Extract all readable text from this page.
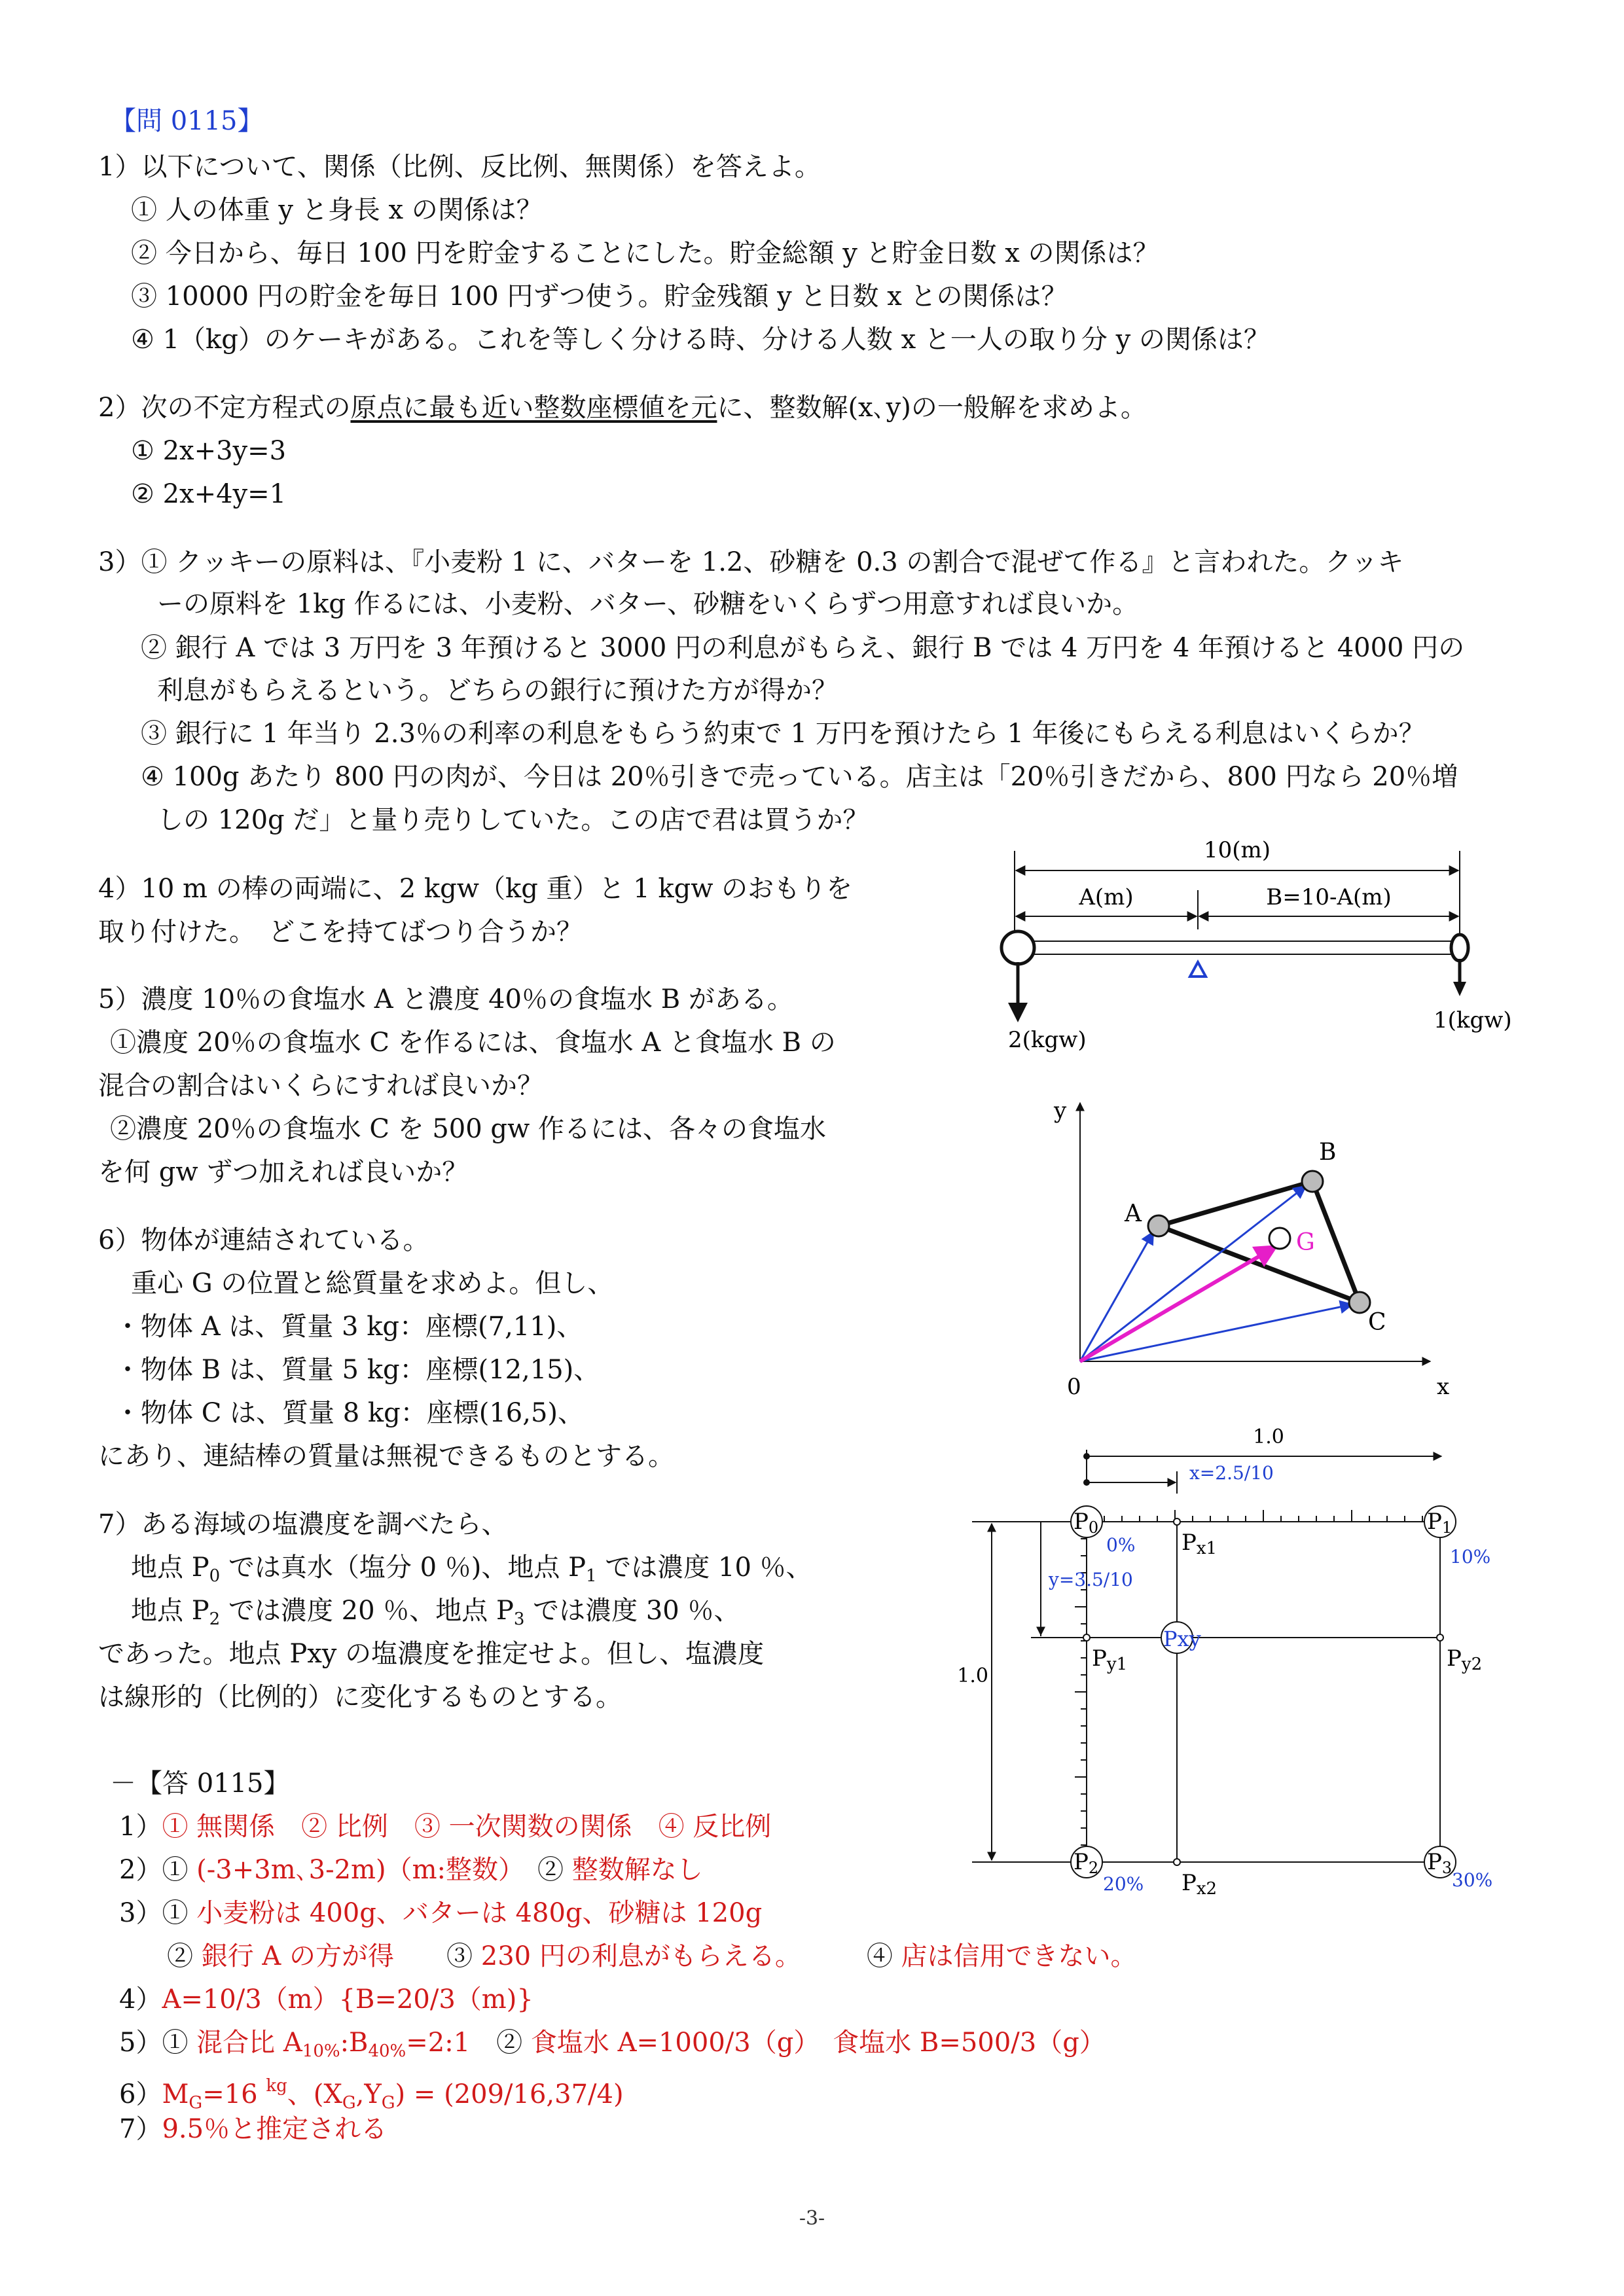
【問 0115】
1）以下について、関係（比例、反比例、無関係）を答えよ。
① 人の体重 y と身長 x の関係は？
② 今日から、毎日 100 円を貯金することにした。貯金総額 y と貯金日数 x の関係は？
③ 10000 円の貯金を毎日 100 円ずつ使う。貯金残額 y と日数 x との関係は？
④ 1（kg）のケーキがある。これを等しく分ける時、分ける人数 x と一人の取り分 y の関係は？
2）次の不定方程式の原点に最も近い整数座標値を元に、整数解(x､y)の一般解を求めよ。
① 2x+3y=3
② 2x+4y=1
3）① クッキーの原料は、『小麦粉 1 に、バターを 1.2、砂糖を 0.3 の割合で混ぜて作る』と言われた。クッキ
ーの原料を 1kg 作るには、小麦粉、バター、砂糖をいくらずつ用意すれば良いか。
② 銀行 A では 3 万円を 3 年預けると 3000 円の利息がもらえ、銀行 B では 4 万円を 4 年預けると 4000 円の
利息がもらえるという。どちらの銀行に預けた方が得か？
③ 銀行に 1 年当り 2.3％の利率の利息をもらう約束で 1 万円を預けたら 1 年後にもらえる利息はいくらか？
④ 100g あたり 800 円の肉が、今日は 20％引きで売っている。店主は「20％引きだから、800 円なら 20％増
しの 120g だ」と量り売りしていた。この店で君は買うか？
4）10 m の棒の両端に、2 kgw（kg 重）と 1 kgw のおもりを
取り付けた。　どこを持てばつり合うか？
5）濃度 10％の食塩水 A と濃度 40％の食塩水 B がある。
①濃度 20％の食塩水 C を作るには、食塩水 A と食塩水 B の
混合の割合はいくらにすれば良いか？
②濃度 20％の食塩水 C を 500 gw 作るには、各々の食塩水
を何 gw ずつ加えれば良いか？
6）物体が連結されている。
重心 G の位置と総質量を求めよ。但し、
・物体 A は、質量 3 kg：座標(7,11)、
・物体 B は、質量 5 kg：座標(12,15)、
・物体 C は、質量 8 kg：座標(16,5)、
にあり、連結棒の質量は無視できるものとする。
7）ある海域の塩濃度を調べたら、
地点 $P_0$ では真水（塩分 0 ％)、地点 $P_1$ では濃度 10 ％、
地点 $P_2$ では濃度 20 ％、地点 $P_3$ では濃度 30 ％、
であった。地点 Pxy の塩濃度を推定せよ。但し、塩濃度
は線形的（比例的）に変化するものとする。
－【答 0115】
1）① 無関係　② 比例　③ 一次関数の関係　④ 反比例
2）① (-3+3m､3-2m)（m:整数）　② 整数解なし
3）① 小麦粉は 400g、バターは 480g、砂糖は 120g
② 銀行 A の方が得　　③ 230 円の利息がもらえる。　　　④ 店は信用できない。
4）A=10/3（m）{B=20/3（m)}
5）① 混合比 $A_{10\%}:B_{40\%}=2:1$　② 食塩水 A=1000/3（g）　食塩水 B=500/3（g）
$6)M_G=16$ $^{kg}$、$(X_G,Y_G) = (209/16,37/4)$
7）9.5％と推定される
10(m)
A(m)	B=10-A(m)
2(kgw)
1(kgw)
y
x
0
A
B
C
G
1.0
x=2.5/10
1.0
y=3.5/10
P0	P1
P2	P3
Pxy
0%
10%
20%	30%
Px1
Px2
Py1	Py2
-3-
